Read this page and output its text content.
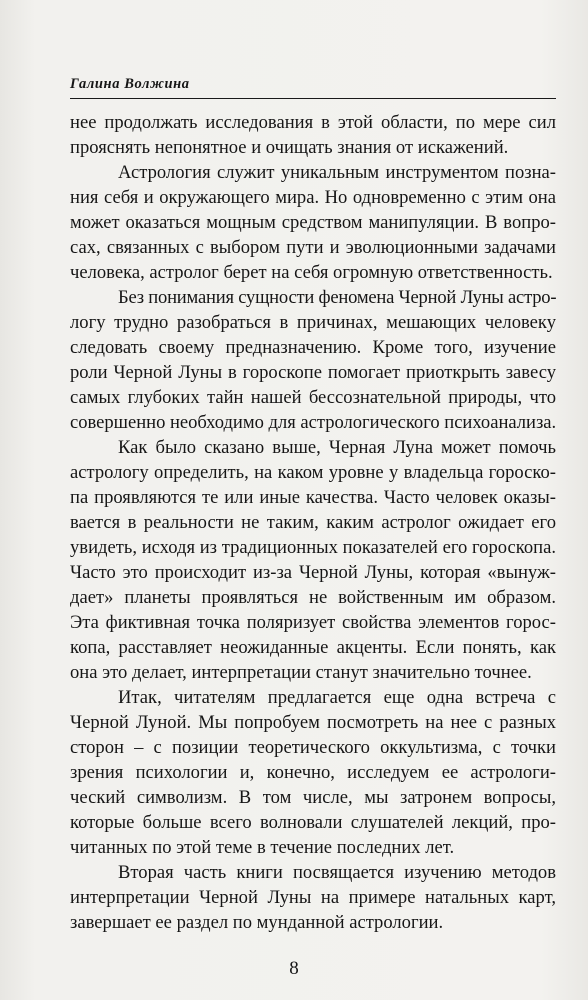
Галина Волжина

нее продолжать исследования в этой области, по мере сил
прояснять непонятное и очищать знания от искажений.

Астрология служит уникальным инструментом позна-
ния себя и окружающего мира. Но одновременно с этим она
может оказаться мощным средством манипуляции. В вопро-
сах, связанных с выбором пути и эволюционными задачами
человека, астролог берет на себя огромную ответственность.

Без понимания сущности феномена Черной Луны астро-
логу трудно разобраться в причинах, мешающих человеку
следовать своему предназначению. Кроме того, изучение
роли Черной Луны в гороскопе помогает приоткрыть завесу
самых глубоких тайн нашей бессознательной природы, что
совершенно необходимо для астрологического психоанализа.

Как было сказано выше, Черная Луна может помочь
астрологу определить, на каком уровне у владельца гороско-
па проявляются те или иные качества. Часто человек оказы-
вается в реальности не таким, каким астролог ожидает его
увидеть, исходя из традиционных показателей его гороскопа.
Часто это происходит из-за Черной Луны, которая «вынуж-
дает» планеты проявляться не войственным им образом.
Эта фиктивная точка поляризует свойства элементов горос-
копа, расставляет неожиданные акценты. Если понять, как
она это делает, интерпретации станут значительно точнее.

Итак, читателям предлагается еще одна встреча с
Черной Луной. Мы попробуем посмотреть на нее с разных
сторон – с позиции теоретического оккультизма, с точки
зрения психологии и, конечно, исследуем ее астрологи-
ческий символизм. В том числе, мы затронем вопросы,
которые больше всего волновали слушателей лекций, про-
читанных по этой теме в течение последних лет.

Вторая часть книги посвящается изучению методов
интерпретации Черной Луны на примере натальных карт,
завершает ее раздел по мунданной астрологии.

8
